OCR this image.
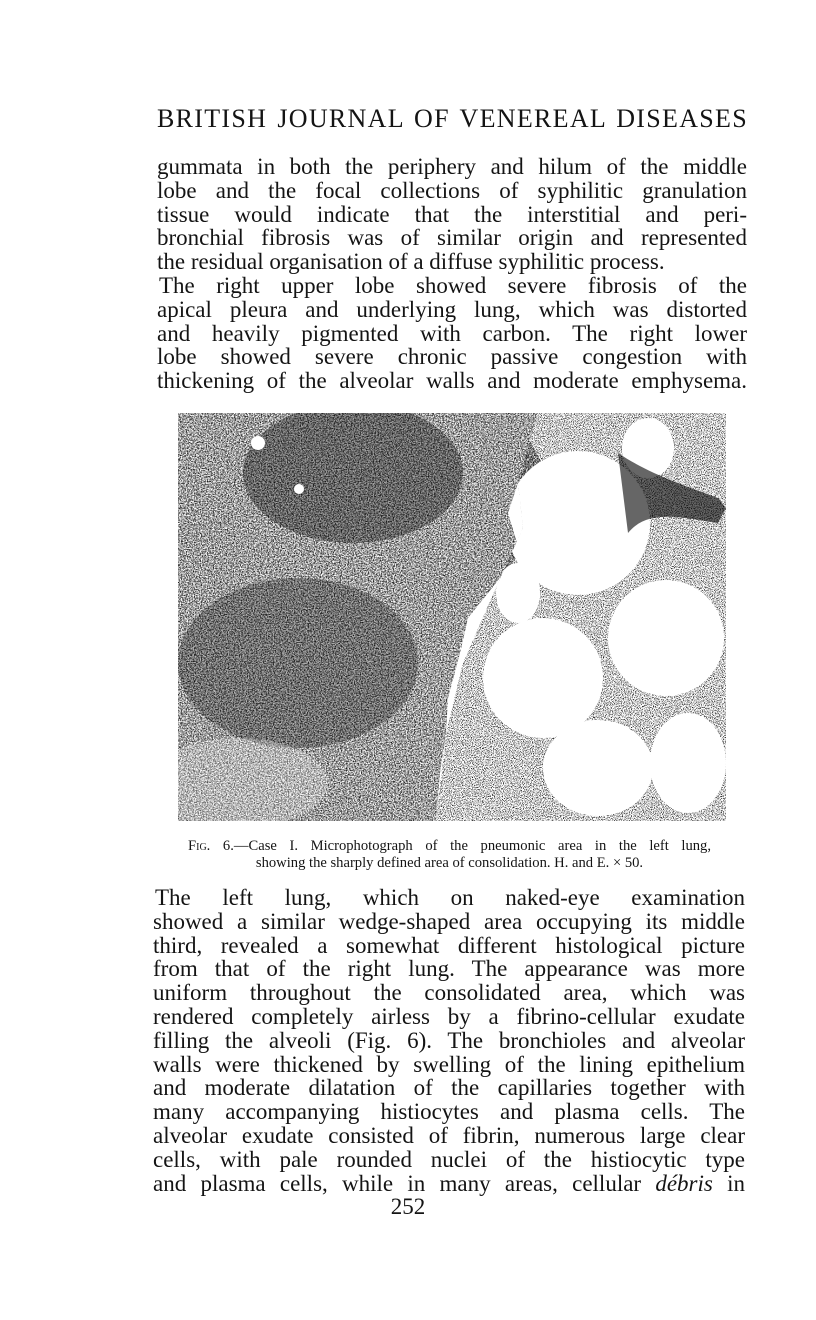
BRITISH JOURNAL OF VENEREAL DISEASES
gummata in both the periphery and hilum of the middle
lobe and the focal collections of syphilitic granulation
tissue would indicate that the interstitial and peri-
bronchial fibrosis was of similar origin and represented
the residual organisation of a diffuse syphilitic process.
The right upper lobe showed severe fibrosis of the
apical pleura and underlying lung, which was distorted
and heavily pigmented with carbon. The right lower
lobe showed severe chronic passive congestion with
thickening of the alveolar walls and moderate emphysema.
Fig. 6.—Case I. Microphotograph of the pneumonic area in the left lung,
showing the sharply defined area of consolidation. H. and E. × 50.
The left lung, which on naked-eye examination
showed a similar wedge-shaped area occupying its middle
third, revealed a somewhat different histological picture
from that of the right lung. The appearance was more
uniform throughout the consolidated area, which was
rendered completely airless by a fibrino-cellular exudate
filling the alveoli (Fig. 6). The bronchioles and alveolar
walls were thickened by swelling of the lining epithelium
and moderate dilatation of the capillaries together with
many accompanying histiocytes and plasma cells. The
alveolar exudate consisted of fibrin, numerous large clear
cells, with pale rounded nuclei of the histiocytic type
and plasma cells, while in many areas, cellular débris in
252
